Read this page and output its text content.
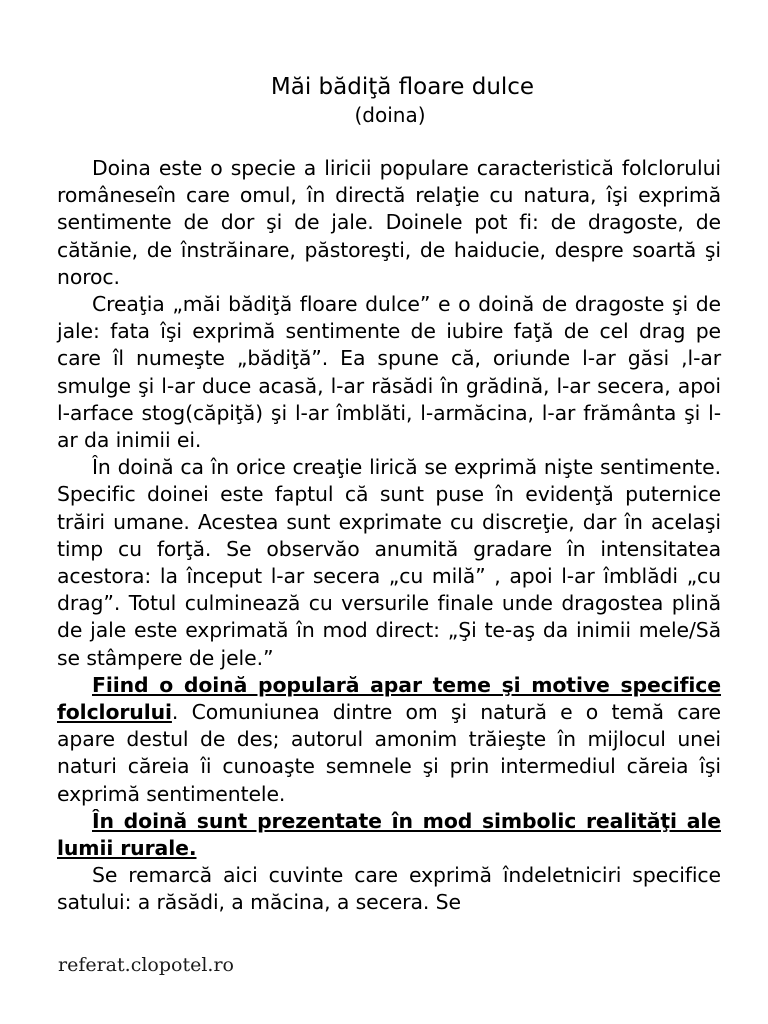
Măi bădiţă floare dulce
(doina)

Doina este o specie a liricii populare caracteristică folclorului româneseîn care omul, în directă relaţie cu natura, îşi exprimă sentimente de dor şi de jale. Doinele pot fi: de dragoste, de cătănie, de înstrăinare, păstoreşti, de haiducie, despre soartă şi noroc.

Creaţia „măi bădiţă floare dulce” e o doină de dragoste şi de jale: fata îşi exprimă sentimente de iubire faţă de cel drag pe care îl numeşte „bădiţă”. Ea spune că, oriunde l-ar găsi ,l-ar smulge şi l-ar duce acasă, l-ar răsădi în grădină, l-ar secera, apoi l-arface stog(căpiţă) şi l-ar îmblăti, l-armăcina, l-ar frământa şi l-ar da inimii ei.

În doină ca în orice creaţie lirică se exprimă nişte sentimente. Specific doinei este faptul că sunt puse în evidenţă puternice trăiri umane. Acestea sunt exprimate cu discreţie, dar în acelaşi timp cu forţă. Se observăo anumită gradare în intensitatea acestora: la început l-ar secera „cu milă” , apoi l-ar îmblădi „cu drag”. Totul culminează cu versurile finale unde dragostea plină de jale este exprimată în mod direct: „Şi te-aş da inimii mele/Să se stâmpere de jele.”

Fiind o doină populară apar teme şi motive specifice folclorului. Comuniunea dintre om şi natură e o temă care apare destul de des; autorul amonim trăieşte în mijlocul unei naturi căreia îi cunoaşte semnele şi prin intermediul căreia îşi exprimă sentimentele.

În doină sunt prezentate în mod simbolic realităţi ale lumii rurale.

Se remarcă aici cuvinte care exprimă îndeletniciri specifice satului: a răsădi, a măcina, a secera. Se

referat.clopotel.ro
